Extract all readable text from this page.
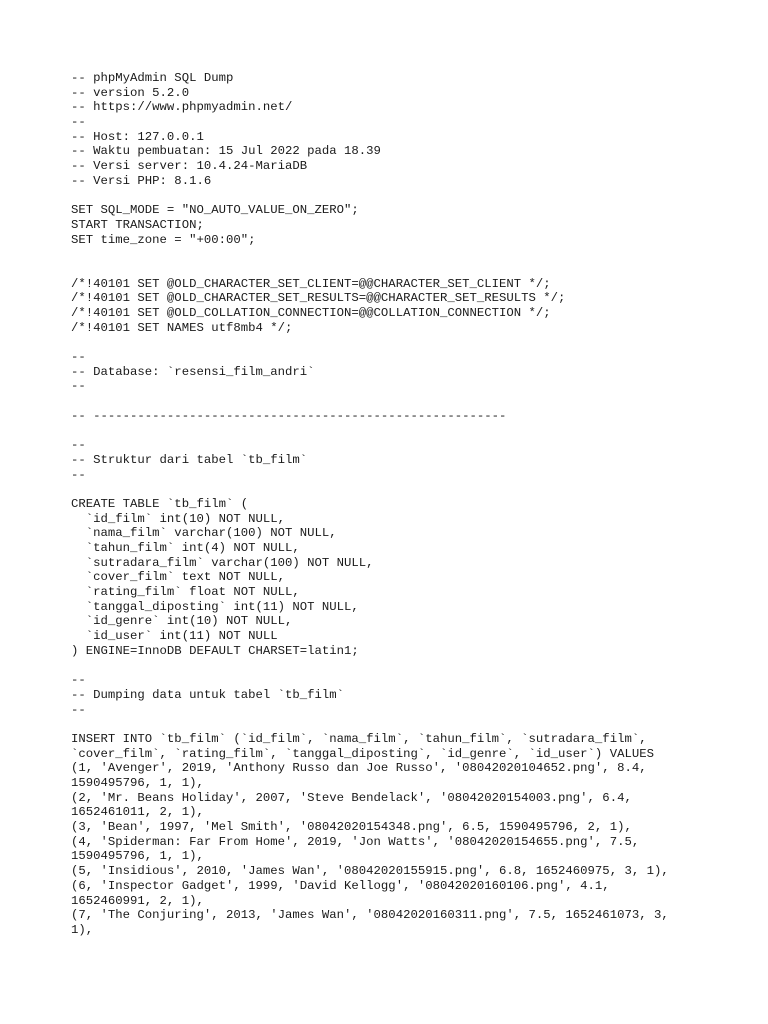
-- phpMyAdmin SQL Dump
-- version 5.2.0
-- https://www.phpmyadmin.net/
--
-- Host: 127.0.0.1
-- Waktu pembuatan: 15 Jul 2022 pada 18.39
-- Versi server: 10.4.24-MariaDB
-- Versi PHP: 8.1.6
SET SQL_MODE = "NO_AUTO_VALUE_ON_ZERO";
START TRANSACTION;
SET time_zone = "+00:00";
/*!40101 SET @OLD_CHARACTER_SET_CLIENT=@@CHARACTER_SET_CLIENT */;
/*!40101 SET @OLD_CHARACTER_SET_RESULTS=@@CHARACTER_SET_RESULTS */;
/*!40101 SET @OLD_COLLATION_CONNECTION=@@COLLATION_CONNECTION */;
/*!40101 SET NAMES utf8mb4 */;
--
-- Database: `resensi_film_andri`
--
-- --------------------------------------------------------
--
-- Struktur dari tabel `tb_film`
--
CREATE TABLE `tb_film` (
`id_film` int(10) NOT NULL,
`nama_film` varchar(100) NOT NULL,
`tahun_film` int(4) NOT NULL,
`sutradara_film` varchar(100) NOT NULL,
`cover_film` text NOT NULL,
`rating_film` float NOT NULL,
`tanggal_diposting` int(11) NOT NULL,
`id_genre` int(10) NOT NULL,
`id_user` int(11) NOT NULL
) ENGINE=InnoDB DEFAULT CHARSET=latin1;
--
-- Dumping data untuk tabel `tb_film`
--
INSERT INTO `tb_film` (`id_film`, `nama_film`, `tahun_film`, `sutradara_film`,
`cover_film`, `rating_film`, `tanggal_diposting`, `id_genre`, `id_user`) VALUES
(1, 'Avenger', 2019, 'Anthony Russo dan Joe Russo', '08042020104652.png', 8.4,
1590495796, 1, 1),
(2, 'Mr. Beans Holiday', 2007, 'Steve Bendelack', '08042020154003.png', 6.4,
1652461011, 2, 1),
(3, 'Bean', 1997, 'Mel Smith', '08042020154348.png', 6.5, 1590495796, 2, 1),
(4, 'Spiderman: Far From Home', 2019, 'Jon Watts', '08042020154655.png', 7.5,
1590495796, 1, 1),
(5, 'Insidious', 2010, 'James Wan', '08042020155915.png', 6.8, 1652460975, 3, 1),
(6, 'Inspector Gadget', 1999, 'David Kellogg', '08042020160106.png', 4.1,
1652460991, 2, 1),
(7, 'The Conjuring', 2013, 'James Wan', '08042020160311.png', 7.5, 1652461073, 3,
1),
